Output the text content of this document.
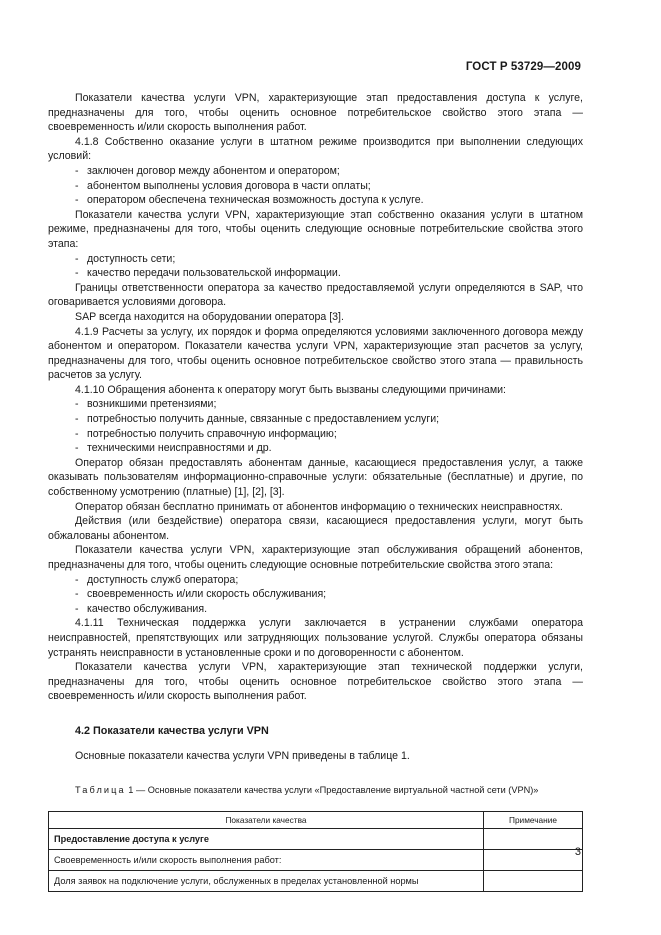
ГОСТ Р 53729—2009

Показатели качества услуги VPN, характеризующие этап предоставления доступа к услуге, предназначены для того, чтобы оценить основное потребительское свойство этого этапа — своевременность и/или скорость выполнения работ.

4.1.8 Собственно оказание услуги в штатном режиме производится при выполнении следующих условий:

- заключен договор между абонентом и оператором;

- абонентом выполнены условия договора в части оплаты;

- оператором обеспечена техническая возможность доступа к услуге.

Показатели качества услуги VPN, характеризующие этап собственно оказания услуги в штатном режиме, предназначены для того, чтобы оценить следующие основные потребительские свойства этого этапа:

- доступность сети;

- качество передачи пользовательской информации.

Границы ответственности оператора за качество предоставляемой услуги определяются в SAP, что оговаривается условиями договора.

SAP всегда находится на оборудовании оператора [3].

4.1.9 Расчеты за услугу, их порядок и форма определяются условиями заключенного договора между абонентом и оператором. Показатели качества услуги VPN, характеризующие этап расчетов за услугу, предназначены для того, чтобы оценить основное потребительское свойство этого этапа — правильность расчетов за услугу.

4.1.10 Обращения абонента к оператору могут быть вызваны следующими причинами:

- возникшими претензиями;

- потребностью получить данные, связанные с предоставлением услуги;

- потребностью получить справочную информацию;

- техническими неисправностями и др.

Оператор обязан предоставлять абонентам данные, касающиеся предоставления услуг, а также оказывать пользователям информационно-справочные услуги: обязательные (бесплатные) и другие, по собственному усмотрению (платные) [1], [2], [3].

Оператор обязан бесплатно принимать от абонентов информацию о технических неисправностях.

Действия (или бездействие) оператора связи, касающиеся предоставления услуги, могут быть обжалованы абонентом.

Показатели качества услуги VPN, характеризующие этап обслуживания обращений абонентов, предназначены для того, чтобы оценить следующие основные потребительские свойства этого этапа:

- доступность служб оператора;

- своевременность и/или скорость обслуживания;

- качество обслуживания.

4.1.11 Техническая поддержка услуги заключается в устранении службами оператора неисправностей, препятствующих или затрудняющих пользование услугой. Службы оператора обязаны устранять неисправности в установленные сроки и по договоренности с абонентом.

Показатели качества услуги VPN, характеризующие этап технической поддержки услуги, предназначены для того, чтобы оценить основное потребительское свойство этого этапа — своевременность и/или скорость выполнения работ.

4.2 Показатели качества услуги VPN

Основные показатели качества услуги VPN приведены в таблице 1.

Таблица 1 — Основные показатели качества услуги «Предоставление виртуальной частной сети (VPN)»

Показатели качества	Примечание
Предоставление доступа к услуге	
Своевременность и/или скорость выполнения работ:	
Доля заявок на подключение услуги, обслуженных в пределах установленной нормы	
3
